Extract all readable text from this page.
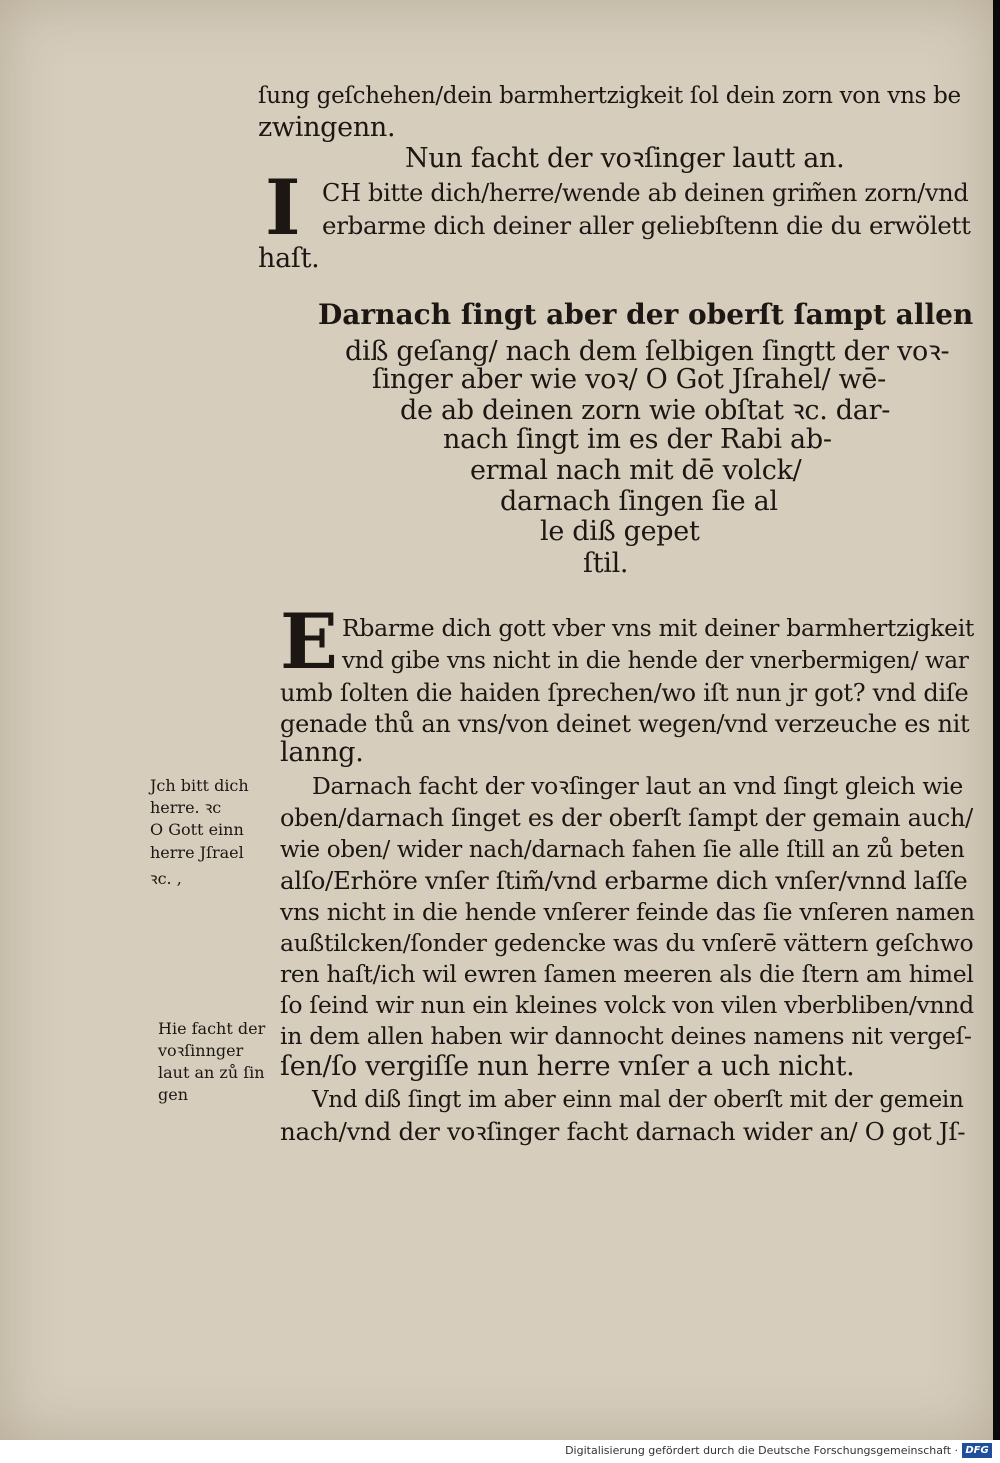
ſung geſchehen/dein barmhertzigkeit ſol dein zorn von vns be
zwingenn.
Nun facht der voꝛſinger lautt an.
I CH bitte dich/herre/wende ab deinen grim̃en zorn/vnd
erbarme dich deiner aller geliebſtenn die du erwölett
haſt.
Darnach ſingt aber der oberſt ſampt allen
diß geſang/ nach dem ſelbigen ſingtt der voꝛ-
ſinger aber wie voꝛ/ O Got Jſrahel/ wē-
de ab deinen zorn wie obſtat ꝛc. dar-
nach ſingt im es der Rabi ab-
ermal nach mit dē volck/
darnach ſingen ſie al
le diß gepet
ſtil.
E Rbarme dich gott vber vns mit deiner barmhertzigkeit
vnd gibe vns nicht in die hende der vnerbermigen/ war
umb ſolten die haiden ſprechen/wo iſt nun jr got? vnd diſe
genade thů an vns/von deinet wegen/vnd verzeuche es nit
lanng.
Darnach facht der voꝛſinger laut an vnd ſingt gleich wie
oben/darnach ſinget es der oberſt ſampt der gemain auch/
wie oben/ wider nach/darnach fahen ſie alle ſtill an zů beten
alſo/Erhöre vnſer ſtim̃/vnd erbarme dich vnſer/vnnd laſſe
vns nicht in die hende vnſerer feinde das ſie vnſeren namen
außtilcken/ſonder gedencke was du vnſerē vättern geſchwo
ren haſt/ich wil ewren ſamen meeren als die ſtern am himel
ſo ſeind wir nun ein kleines volck von vilen vberbliben/vnnd
in dem allen haben wir dannocht deines namens nit vergeſ-
ſen/ſo vergiſſe nun herre vnſer a uch nicht.
Vnd diß ſingt im aber einn mal der oberſt mit der gemein
nach/vnd der voꝛſinger facht darnach wider an/ O got Jſ-
Jch bitt dich
herre. ꝛc
O Gott einn
herre Jſrael
ꝛc. ,
Hie facht der
voꝛſinnger
laut an zů ſin
gen
Digitalisierung gefördert durch die Deutsche Forschungsgemeinschaft · DFG
